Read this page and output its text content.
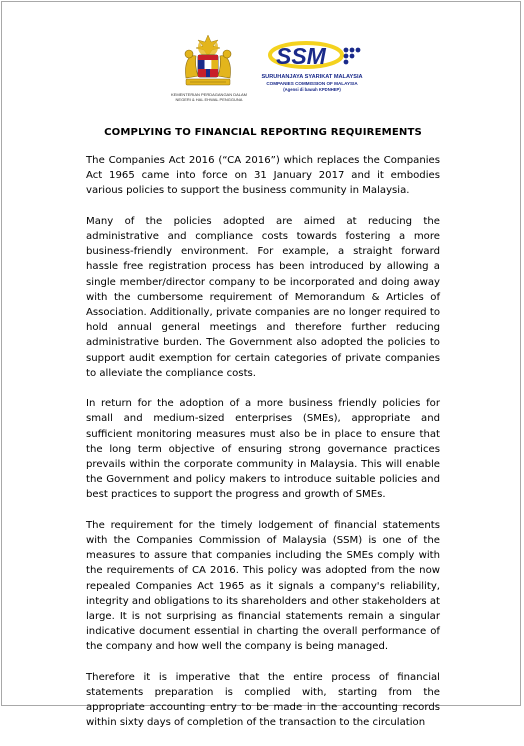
KEMENTERIAN PERDAGANGAN DALAM NEGERI & HAL EHWAL PENGGUNA
SSM
SURUHANJAYA SYARIKAT MALAYSIA
COMPANIES COMMISSION OF MALAYSIA
(Agensi di bawah KPDNHEP)
COMPLYING TO FINANCIAL REPORTING REQUIREMENTS

The Companies Act 2016 (“CA 2016”) which replaces the Companies Act 1965 came into force on 31 January 2017 and it embodies various policies to support the business community in Malaysia.

Many of the policies adopted are aimed at reducing the administrative and compliance costs towards fostering a more business-friendly environment. For example, a straight forward hassle free registration process has been introduced by allowing a single member/director company to be incorporated and doing away with the cumbersome requirement of Memorandum & Articles of Association. Additionally, private companies are no longer required to hold annual general meetings and therefore further reducing administrative burden. The Government also adopted the policies to support audit exemption for certain categories of private companies to alleviate the compliance costs.

In return for the adoption of a more business friendly policies for small and medium-sized enterprises (SMEs), appropriate and sufficient monitoring measures must also be in place to ensure that the long term objective of ensuring strong governance practices prevails within the corporate community in Malaysia. This will enable the Government and policy makers to introduce suitable policies and best practices to support the progress and growth of SMEs.

The requirement for the timely lodgement of financial statements with the Companies Commission of Malaysia (SSM) is one of the measures to assure that companies including the SMEs comply with the requirements of CA 2016. This policy was adopted from the now repealed Companies Act 1965 as it signals a company's reliability, integrity and obligations to its shareholders and other stakeholders at large. It is not surprising as financial statements remain a singular indicative document essential in charting the overall performance of the company and how well the company is being managed.

Therefore it is imperative that the entire process of financial statements preparation is complied with, starting from the appropriate accounting entry to be made in the accounting records within sixty days of completion of the transaction to the circulation
